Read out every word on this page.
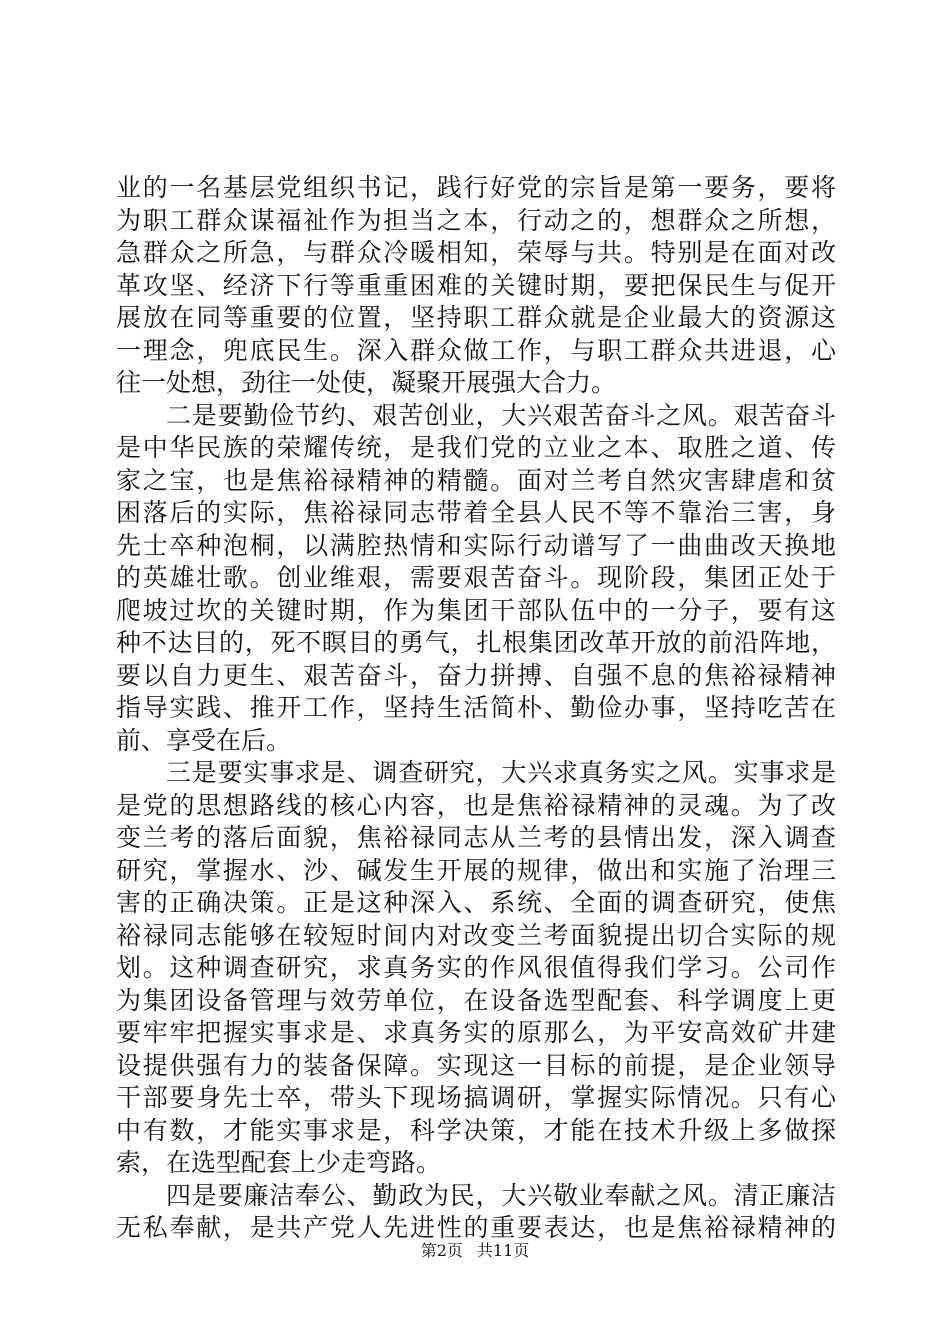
业的一名基层党组织书记，践行好党的宗旨是第一要务，要将
为职工群众谋福祉作为担当之本，行动之的，想群众之所想，
急群众之所急，与群众冷暖相知，荣辱与共。特别是在面对改
革攻坚、经济下行等重重困难的关键时期，要把保民生与促开
展放在同等重要的位置，坚持职工群众就是企业最大的资源这
一理念，兜底民生。深入群众做工作，与职工群众共进退，心
往一处想，劲往一处使，凝聚开展强大合力。
二是要勤俭节约、艰苦创业，大兴艰苦奋斗之风。艰苦奋斗
是中华民族的荣耀传统，是我们党的立业之本、取胜之道、传
家之宝，也是焦裕禄精神的精髓。面对兰考自然灾害肆虐和贫
困落后的实际，焦裕禄同志带着全县人民不等不靠治三害，身
先士卒种泡桐，以满腔热情和实际行动谱写了一曲曲改天换地
的英雄壮歌。创业维艰，需要艰苦奋斗。现阶段，集团正处于
爬坡过坎的关键时期，作为集团干部队伍中的一分子，要有这
种不达目的，死不瞑目的勇气，扎根集团改革开放的前沿阵地，
要以自力更生、艰苦奋斗，奋力拼搏、自强不息的焦裕禄精神
指导实践、推开工作，坚持生活简朴、勤俭办事，坚持吃苦在
前、享受在后。
三是要实事求是、调查研究，大兴求真务实之风。实事求是
是党的思想路线的核心内容，也是焦裕禄精神的灵魂。为了改
变兰考的落后面貌，焦裕禄同志从兰考的县情出发，深入调查
研究，掌握水、沙、碱发生开展的规律，做出和实施了治理三
害的正确决策。正是这种深入、系统、全面的调查研究，使焦
裕禄同志能够在较短时间内对改变兰考面貌提出切合实际的规
划。这种调查研究，求真务实的作风很值得我们学习。公司作
为集团设备管理与效劳单位，在设备选型配套、科学调度上更
要牢牢把握实事求是、求真务实的原那么，为平安高效矿井建
设提供强有力的装备保障。实现这一目标的前提，是企业领导
干部要身先士卒，带头下现场搞调研，掌握实际情况。只有心
中有数，才能实事求是，科学决策，才能在技术升级上多做探
索，在选型配套上少走弯路。
四是要廉洁奉公、勤政为民，大兴敬业奉献之风。清正廉洁
无私奉献，是共产党人先进性的重要表达，也是焦裕禄精神的
第2页 共11页
